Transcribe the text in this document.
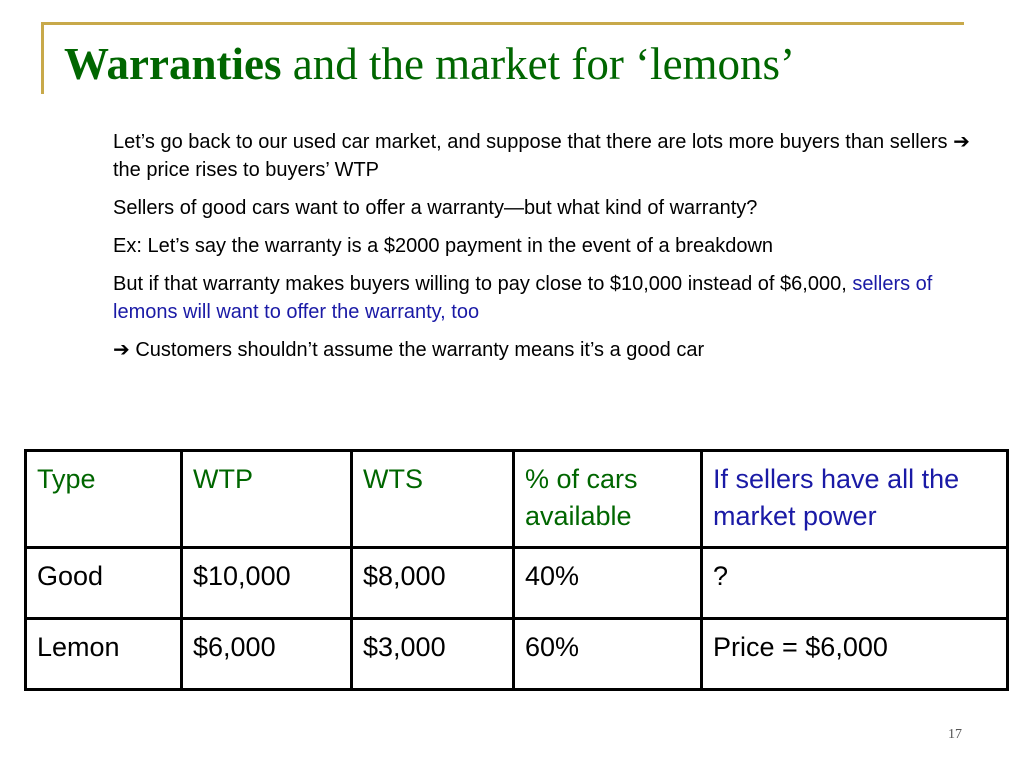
Warranties and the market for ‘lemons’

Let’s go back to our used car market, and suppose that there are lots more buyers than sellers ➔ the price rises to buyers’ WTP

Sellers of good cars want to offer a warranty—but what kind of warranty?

Ex: Let’s say the warranty is a $2000 payment in the event of a breakdown

But if that warranty makes buyers willing to pay close to $10,000 instead of $6,000, sellers of lemons will want to offer the warranty, too

➔ Customers shouldn’t assume the warranty means it’s a good car

Type	WTP	WTS	% of cars available	If sellers have all the market power
Good	$10,000	$8,000	40%	?
Lemon	$6,000	$3,000	60%	Price = $6,000
17
